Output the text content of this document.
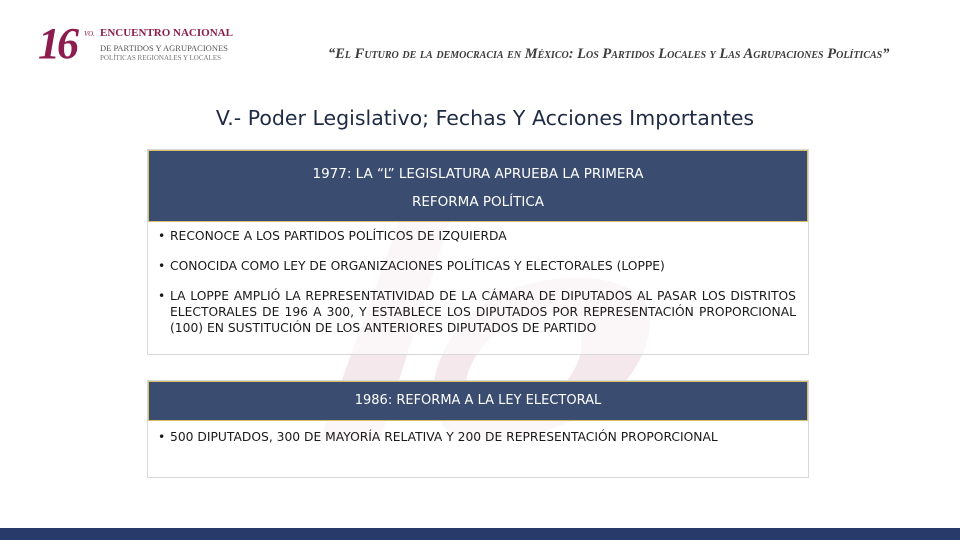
16 VO. ENCUENTRO NACIONAL
DE PARTIDOS Y AGRUPACIONES
POLÍTICAS REGIONALES Y LOCALES	“El Futuro de la democracia en México: Los Partidos Locales y Las Agrupaciones Políticas”
V.- Poder Legislativo; Fechas Y Acciones Importantes
1977: LA “L” LEGISLATURA APRUEBA LA PRIMERA
REFORMA POLÍTICA
• RECONOCE A LOS PARTIDOS POLÍTICOS DE IZQUIERDA
• CONOCIDA COMO LEY DE ORGANIZACIONES POLÍTICAS Y ELECTORALES (LOPPE)
• LA LOPPE AMPLIÓ LA REPRESENTATIVIDAD DE LA CÁMARA DE DIPUTADOS AL PASAR LOS DISTRITOS ELECTORALES DE 196 A 300, Y ESTABLECE LOS DIPUTADOS POR REPRESENTACIÓN PROPORCIONAL (100) EN SUSTITUCIÓN DE LOS ANTERIORES DIPUTADOS DE PARTIDO
1986: REFORMA A LA LEY ELECTORAL
• 500 DIPUTADOS, 300 DE MAYORÍA RELATIVA Y 200 DE REPRESENTACIÓN PROPORCIONAL
